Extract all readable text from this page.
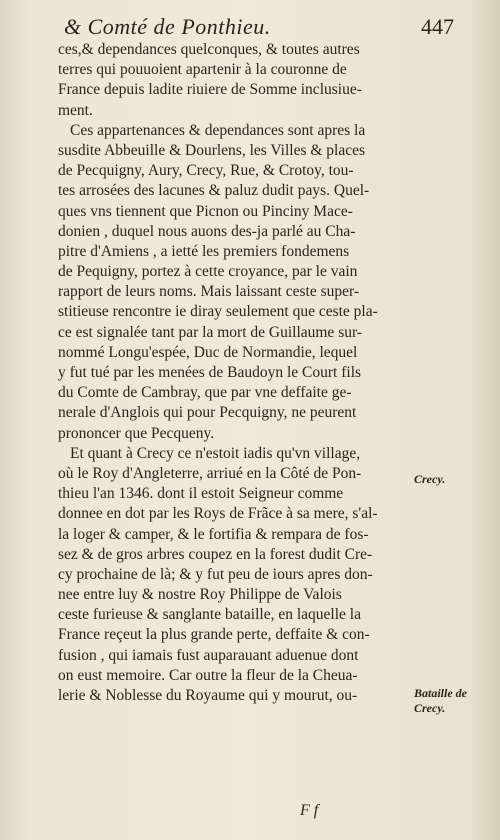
& Comté de Ponthieu.	447
ces,& dependances quelconques, & toutes autres
terres qui pouuoient apartenir à la couronne de
France depuis ladite riuiere de Somme inclusiue-
ment.
Ces appartenances & dependances sont apres la
susdite Abbeuille & Dourlens, les Villes & places
de Pecquigny, Aury, Crecy, Rue, & Crotoy, tou-
tes arrosées des lacunes & paluz dudit pays. Quel-
ques vns tiennent que Picnon ou Pinciny Mace-
donien , duquel nous auons des-ja parlé au Cha-
pitre d'Amiens , a ietté les premiers fondemens
de Pequigny, portez à cette croyance, par le vain
rapport de leurs noms. Mais laissant ceste super-
stitieuse rencontre ie diray seulement que ceste pla-
ce est signalée tant par la mort de Guillaume sur-
nommé Longu'espée, Duc de Normandie, lequel
y fut tué par les menées de Baudoyn le Court fils
du Comte de Cambray, que par vne deffaite ge-
nerale d'Anglois qui pour Pecquigny, ne peurent
prononcer que Pecqueny.
Et quant à Crecy ce n'estoit iadis qu'vn village,
où le Roy d'Angleterre, arriué en la Côté de Pon-
thieu l'an 1346. dont il estoit Seigneur comme
donnee en dot par les Roys de Frãce à sa mere, s'al-
la loger & camper, & le fortifia & rempara de fos-
sez & de gros arbres coupez en la forest dudit Cre-
cy prochaine de là; & y fut peu de iours apres don-
nee entre luy & nostre Roy Philippe de Valois
ceste furieuse & sanglante bataille, en laquelle la
France reçeut la plus grande perte, deffaite & con-
fusion , qui iamais fust auparauant aduenue dont
on eust memoire. Car outre la fleur de la Cheua-
lerie & Noblesse du Royaume qui y mourut, ou-
Crecy.
Bataille de
Crecy.
Ff
